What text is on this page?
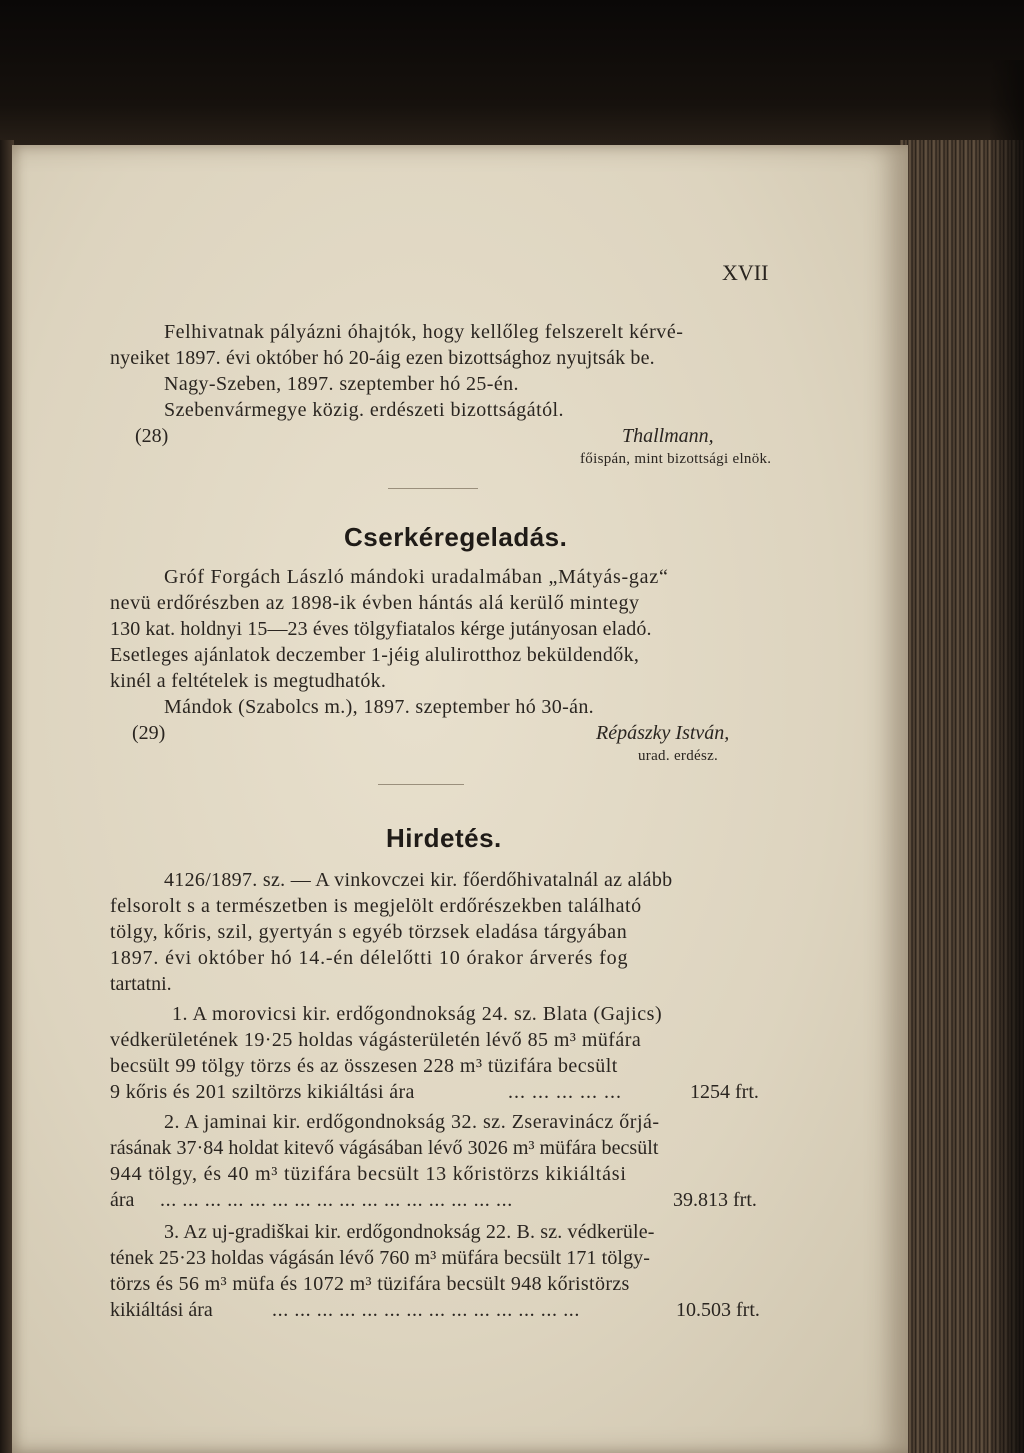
XVII
Felhivatnak pályázni óhajtók, hogy kellőleg felszerelt kérvé-
nyeiket 1897. évi október hó 20-áig ezen bizottsághoz nyujtsák be.
Nagy-Szeben, 1897. szeptember hó 25-én.
Szebenvármegye közig. erdészeti bizottságától.
(28)	Thallmann,
főispán, mint bizottsági elnök.
Cserkéregeladás.
Gróf Forgách László mándoki uradalmában „Mátyás-gaz“
nevü erdőrészben az 1898-ik évben hántás alá kerülő mintegy
130 kat. holdnyi 15—23 éves tölgyfiatalos kérge jutányosan eladó.
Esetleges ajánlatok deczember 1-jéig alulirotthoz beküldendők,
kinél a feltételek is megtudhatók.
Mándok (Szabolcs m.), 1897. szeptember hó 30-án.
(29)	Répászky István,
urad. erdész.
Hirdetés.
4126/1897. sz. — A vinkovczei kir. főerdőhivatalnál az alább
felsorolt s a természetben is megjelölt erdőrészekben található
tölgy, kőris, szil, gyertyán s egyéb törzsek eladása tárgyában
1897. évi október hó 14.-én délelőtti 10 órakor árverés fog
tartatni.
1. A morovicsi kir. erdőgondnokság 24. sz. Blata (Gajics)
védkerületének 19·25 holdas vágásterületén lévő 85 m³ müfára
becsült 99 tölgy törzs és az összesen 228 m³ tüzifára becsült
9 kőris és 201 sziltörzs kikiáltási ára	... ... ... ... ...	1254 frt.
2. A jaminai kir. erdőgondnokság 32. sz. Zseravinácz őrjá-
rásának 37·84 holdat kitevő vágásában lévő 3026 m³ müfára becsült
944 tölgy, és 40 m³ tüzifára becsült 13 kőristörzs kikiáltási
ára ... ... ... ... ... ... ... ... ... ... ... ... ... ... ... ...	39.813 frt.
3. Az uj-gradiškai kir. erdőgondnokság 22. B. sz. védkerüle-
tének 25·23 holdas vágásán lévő 760 m³ müfára becsült 171 tölgy-
törzs és 56 m³ müfa és 1072 m³ tüzifára becsült 948 kőristörzs
kikiáltási ára	... ... ... ... ... ... ... ... ... ... ... ... ... ...	10.503 frt.
